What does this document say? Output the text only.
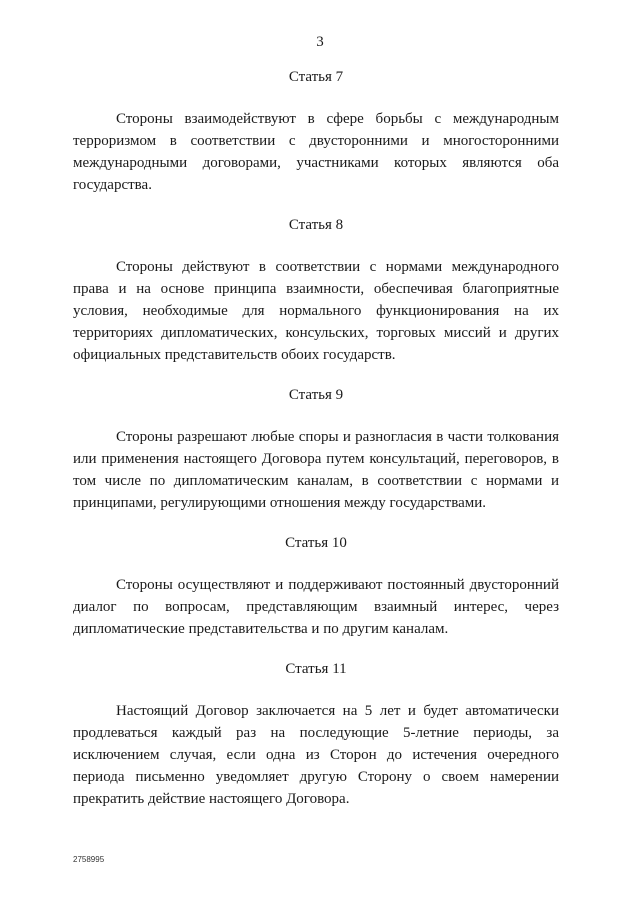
3
Статья 7

Стороны взаимодействуют в сфере борьбы с международным терроризмом в соответствии с двусторонними и многосторонними международными договорами, участниками которых являются оба государства.

Статья 8

Стороны действуют в соответствии с нормами международного права и на основе принципа взаимности, обеспечивая благоприятные условия, необходимые для нормального функционирования на их территориях дипломатических, консульских, торговых миссий и других официальных представительств обоих государств.

Статья 9

Стороны разрешают любые споры и разногласия в части толкования или применения настоящего Договора путем консультаций, переговоров, в том числе по дипломатическим каналам, в соответствии с нормами и принципами, регулирующими отношения между государствами.

Статья 10

Стороны осуществляют и поддерживают постоянный двусторонний диалог по вопросам, представляющим взаимный интерес, через дипломатические представительства и по другим каналам.

Статья 11

Настоящий Договор заключается на 5 лет и будет автоматически продлеваться каждый раз на последующие 5-летние периоды, за исключением случая, если одна из Сторон до истечения очередного периода письменно уведомляет другую Сторону о своем намерении прекратить действие настоящего Договора.

2758995
